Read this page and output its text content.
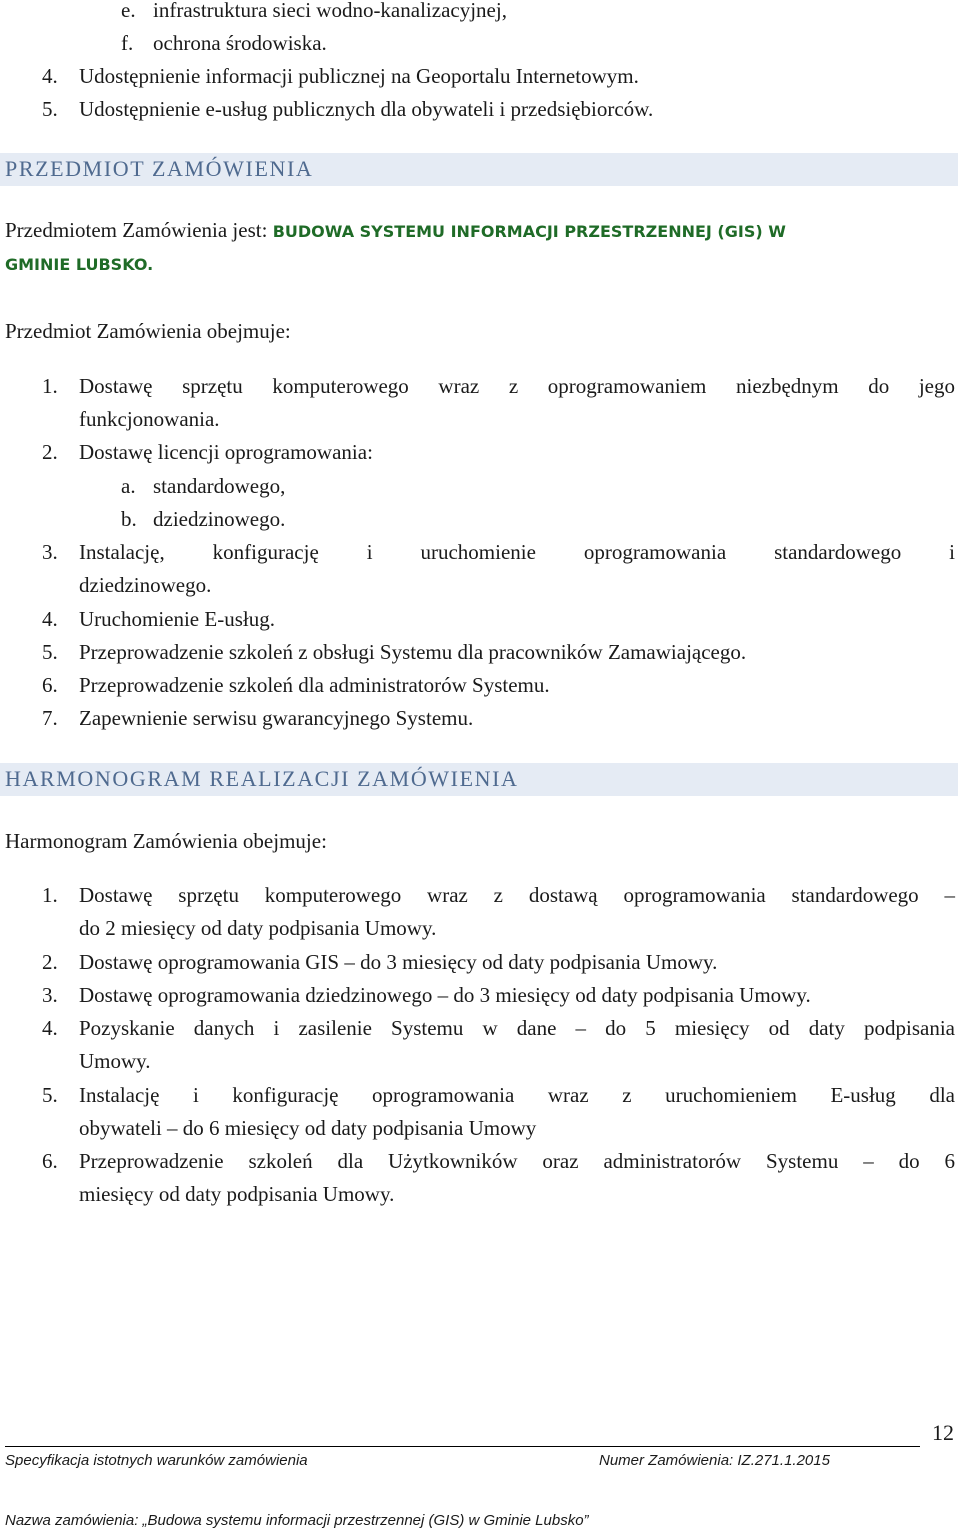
e. infrastruktura sieci wodno-kanalizacyjnej,
f. ochrona środowiska.
4. Udostępnienie informacji publicznej na Geoportalu Internetowym.
5. Udostępnienie e-usług publicznych dla obywateli i przedsiębiorców.
PRZEDMIOT ZAMÓWIENIA
Przedmiotem Zamówienia jest: BUDOWA SYSTEMU INFORMACJI PRZESTRZENNEJ (GIS) W
GMINIE LUBSKO.
Przedmiot Zamówienia obejmuje:
1. Dostawę sprzętu komputerowego wraz z oprogramowaniem niezbędnym do jego
funkcjonowania.
2. Dostawę licencji oprogramowania:
a. standardowego,
b. dziedzinowego.
3. Instalację, konfigurację i uruchomienie oprogramowania standardowego i
dziedzinowego.
4. Uruchomienie E-usług.
5. Przeprowadzenie szkoleń z obsługi Systemu dla pracowników Zamawiającego.
6. Przeprowadzenie szkoleń dla administratorów Systemu.
7. Zapewnienie serwisu gwarancyjnego Systemu.
HARMONOGRAM REALIZACJI ZAMÓWIENIA
Harmonogram Zamówienia obejmuje:
1. Dostawę sprzętu komputerowego wraz z dostawą oprogramowania standardowego –
do 2 miesięcy od daty podpisania Umowy.
2. Dostawę oprogramowania GIS – do 3 miesięcy od daty podpisania Umowy.
3. Dostawę oprogramowania dziedzinowego – do 3 miesięcy od daty podpisania Umowy.
4. Pozyskanie danych i zasilenie Systemu w dane – do 5 miesięcy od daty podpisania
Umowy.
5. Instalację i konfigurację oprogramowania wraz z uruchomieniem E-usług dla
obywateli – do 6 miesięcy od daty podpisania Umowy
6. Przeprowadzenie szkoleń dla Użytkowników oraz administratorów Systemu – do 6
miesięcy od daty podpisania Umowy.
12
Specyfikacja istotnych warunków zamówienia	Numer Zamówienia: IZ.271.1.2015
Nazwa zamówienia: „Budowa systemu informacji przestrzennej (GIS) w Gminie Lubsko”
